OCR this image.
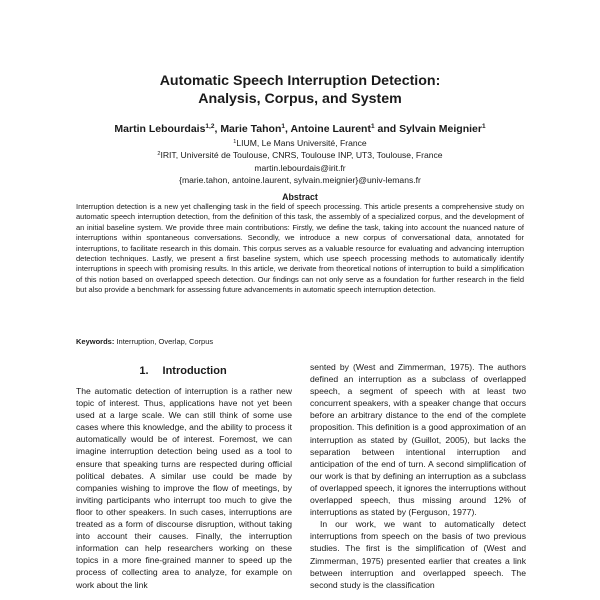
Automatic Speech Interruption Detection:
Analysis, Corpus, and System
Martin Lebourdais$^{1,2}$, Marie Tahon$^1$, Antoine Laurent$^1$ and Sylvain Meignier$^1$
$^1$LIUM, Le Mans Université, France
$^2$IRIT, Université de Toulouse, CNRS, Toulouse INP, UT3, Toulouse, France
martin.lebourdais@irit.fr
{marie.tahon, antoine.laurent, sylvain.meignier}@univ-lemans.fr
Abstract

Interruption detection is a new yet challenging task in the field of speech processing. This article presents a comprehensive study on automatic speech interruption detection, from the definition of this task, the assembly of a specialized corpus, and the development of an initial baseline system. We provide three main contributions: Firstly, we define the task, taking into account the nuanced nature of interruptions within spontaneous conversations. Secondly, we introduce a new corpus of conversational data, annotated for interruptions, to facilitate research in this domain. This corpus serves as a valuable resource for evaluating and advancing interruption detection techniques. Lastly, we present a first baseline system, which use speech processing methods to automatically identify interruptions in speech with promising results. In this article, we derivate from theoretical notions of interruption to build a simplification of this notion based on overlapped speech detection. Our findings can not only serve as a foundation for further research in the field but also provide a benchmark for assessing future advancements in automatic speech interruption detection.

Keywords: Interruption, Overlap, Corpus
1. Introduction

The automatic detection of interruption is a rather new topic of interest. Thus, applications have not yet been used at a large scale. We can still think of some use cases where this knowledge, and the ability to process it automatically would be of interest. Foremost, we can imagine interruption detection being used as a tool to ensure that speaking turns are respected during official political debates. A similar use could be made by companies wishing to improve the flow of meetings, by inviting participants who interrupt too much to give the floor to other speakers. In such cases, interruptions are treated as a form of discourse disruption, without taking into account their causes. Finally, the interruption information can help researchers working on these topics in a more fine-grained manner to speed up the process of collecting area to analyze, for example on work about the link

sented by (West and Zimmerman, 1975). The authors defined an interruption as a subclass of overlapped speech, a segment of speech with at least two concurrent speakers, with a speaker change that occurs before an arbitrary distance to the end of the complete proposition. This definition is a good approximation of an interruption as stated by (Guillot, 2005), but lacks the separation between intentional interruption and anticipation of the end of turn. A second simplification of our work is that by defining an interruption as a subclass of overlapped speech, it ignores the interruptions without overlapped speech, thus missing around 12% of interruptions as stated by (Ferguson, 1977).

In our work, we want to automatically detect interruptions from speech on the basis of two previous studies. The first is the simplification of (West and Zimmerman, 1975) presented earlier that creates a link between interruption and overlapped speech. The second study is the classification
